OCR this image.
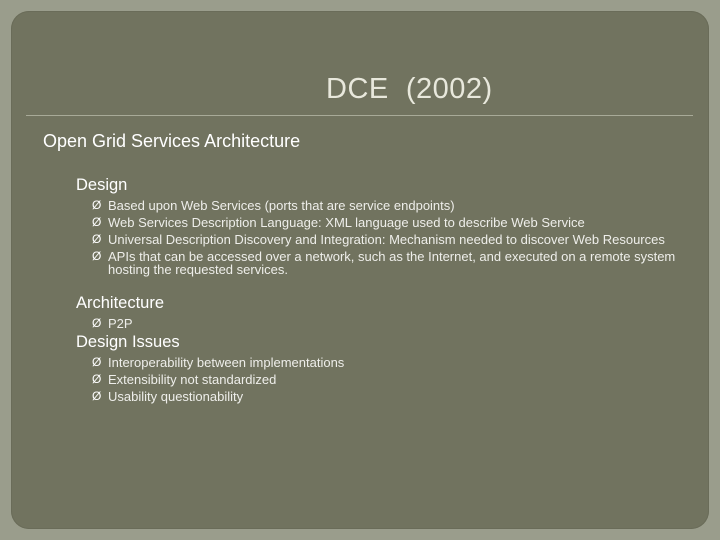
DCE  (2002)
Open Grid Services Architecture
Design
Ø Based upon Web Services (ports that are service endpoints)
Ø Web Services Description Language: XML language used to describe Web Service
Ø Universal Description Discovery and Integration: Mechanism needed to discover Web Resources
Ø APIs that can be accessed over a network, such as the Internet, and executed on a remote system hosting the requested services.
Architecture
Ø P2P
Design Issues
Ø Interoperability between implementations
Ø Extensibility not standardized
Ø Usability questionability
